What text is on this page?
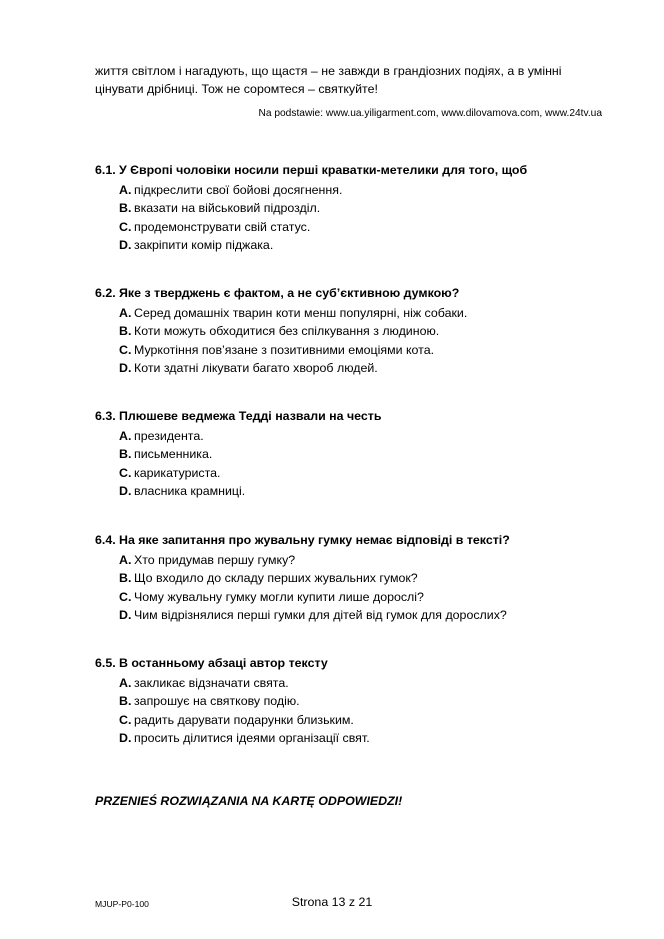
життя світлом і нагадують, що щастя – не завжди в грандіозних подіях, а в умінні цінувати дрібниці. Тож не соромтеся – святкуйте!

Na podstawie: www.ua.yiligarment.com, www.dilovamova.com, www.24tv.ua
6.1. У Європі чоловіки носили перші краватки-метелики для того, щоб
A. підкреслити свої бойові досягнення.
B. вказати на військовий підрозділ.
C. продемонструвати свій статус.
D. закріпити комір піджака.
6.2. Яке з тверджень є фактом, а не суб’єктивною думкою?
A. Серед домашніх тварин коти менш популярні, ніж собаки.
B. Коти можуть обходитися без спілкування з людиною.
C. Муркотіння пов’язане з позитивними емоціями кота.
D. Коти здатні лікувати багато хвороб людей.
6.3. Плюшеве ведмежа Тедді назвали на честь
A. президента.
B. письменника.
C. карикатуриста.
D. власника крамниці.
6.4. На яке запитання про жувальну гумку немає відповіді в тексті?
A. Хто придумав першу гумку?
B. Що входило до складу перших жувальних гумок?
C. Чому жувальну гумку могли купити лише дорослі?
D. Чим відрізнялися перші гумки для дітей від гумок для дорослих?
6.5. В останньому абзаці автор тексту
A. закликає відзначати свята.
B. запрошує на святкову подію.
C. радить дарувати подарунки близьким.
D. просить ділитися ідеями організації свят.

PRZENIEŚ ROZWIĄZANIA NA KARTĘ ODPOWIEDZI!

MJUP-P0-100	Strona 13 z 21
